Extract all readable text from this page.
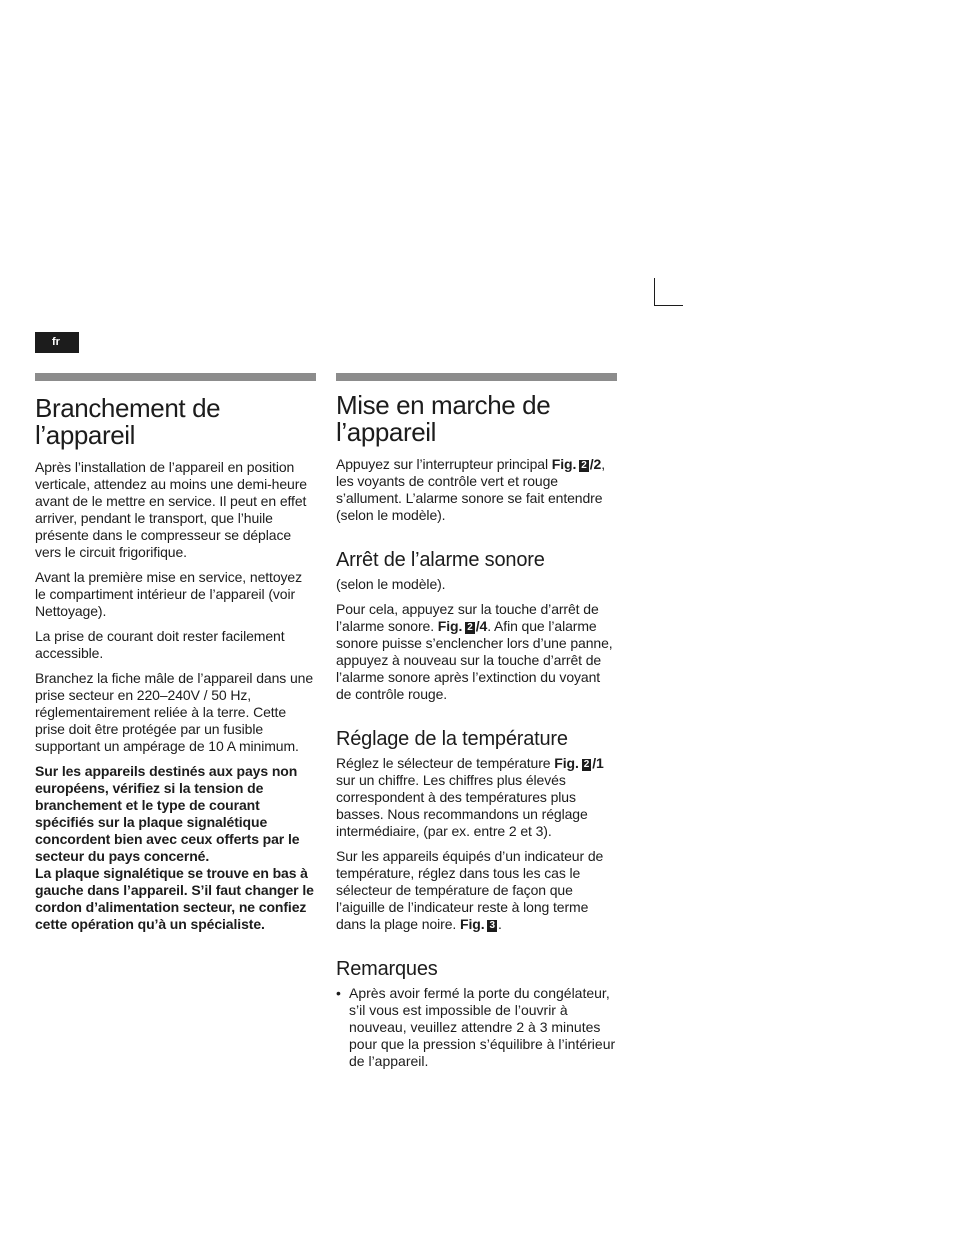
fr
Branchement de
l’appareil

Après l’installation de l’appareil en position verticale, attendez au moins une demi-heure avant de le mettre en service. Il peut en effet arriver, pendant le transport, que l’huile présente dans le compresseur se déplace vers le circuit frigorifique.

Avant la première mise en service, nettoyez le compartiment intérieur de l’appareil (voir Nettoyage).

La prise de courant doit rester facilement accessible.

Branchez la fiche mâle de l’appareil dans une prise secteur en 220–240V / 50 Hz, réglementairement reliée à la terre. Cette prise doit être protégée par un fusible supportant un ampérage de 10 A minimum.

Sur les appareils destinés aux pays non européens, vérifiez si la tension de branchement et le type de courant spécifiés sur la plaque signalétique concordent bien avec ceux offerts par le secteur du pays concerné.

La plaque signalétique se trouve en bas à gauche dans l’appareil. S’il faut changer le cordon d’alimentation secteur, ne confiez cette opération qu’à un spécialiste.

Mise en marche de
l’appareil

Appuyez sur l’interrupteur principal Fig. 2 /2, les voyants de contrôle vert et rouge s’allument. L’alarme sonore se fait entendre (selon le modèle).

Arrêt de l’alarme sonore

(selon le modèle).

Pour cela, appuyez sur la touche d’arrêt de l’alarme sonore. Fig. 2 /4. Afin que l’alarme sonore puisse s’enclencher lors d’une panne, appuyez à nouveau sur la touche d’arrêt de l’alarme sonore après l’extinction du voyant de contrôle rouge.

Réglage de la température

Réglez le sélecteur de température Fig. 2 /1 sur un chiffre. Les chiffres plus élevés correspondent à des températures plus basses. Nous recommandons un réglage intermédiaire, (par ex. entre 2 et 3).

Sur les appareils équipés d’un indicateur de température, réglez dans tous les cas le sélecteur de température de façon que l’aiguille de l’indicateur reste à long terme dans la plage noire. Fig. 3 .

Remarques
• Après avoir fermé la porte du congélateur, s’il vous est impossible de l’ouvrir à nouveau, veuillez attendre 2 à 3 minutes pour que la pression s’équilibre à l’intérieur de l’appareil.
